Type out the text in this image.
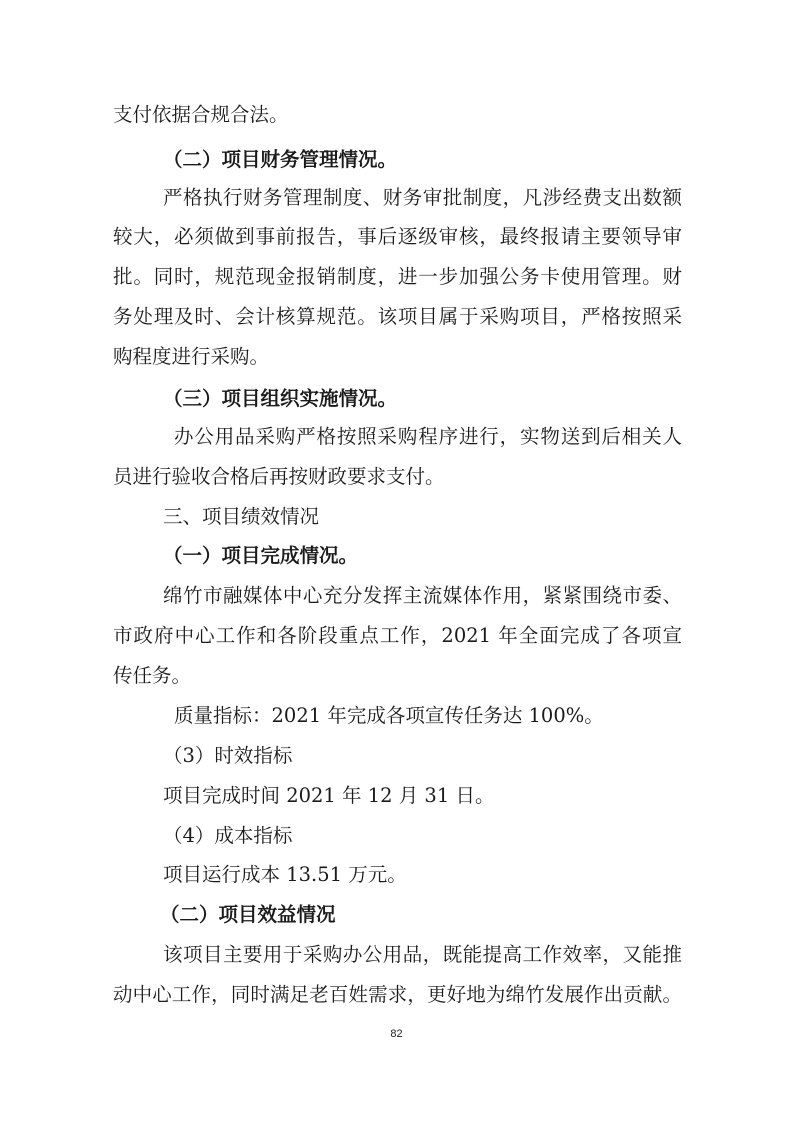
支付依据合规合法。
（二）项目财务管理情况。
严格执行财务管理制度、财务审批制度，凡涉经费支出数额
较大，必须做到事前报告，事后逐级审核，最终报请主要领导审
批。同时，规范现金报销制度，进一步加强公务卡使用管理。财
务处理及时、会计核算规范。该项目属于采购项目，严格按照采
购程度进行采购。
（三）项目组织实施情况。
办公用品采购严格按照采购程序进行，实物送到后相关人
员进行验收合格后再按财政要求支付。
三、项目绩效情况
（一）项目完成情况。
绵竹市融媒体中心充分发挥主流媒体作用，紧紧围绕市委、
市政府中心工作和各阶段重点工作，2021 年全面完成了各项宣
传任务。
质量指标：2021 年完成各项宣传任务达 100%。
（3）时效指标
项目完成时间 2021 年 12 月 31 日。
（4）成本指标
项目运行成本 13.51 万元。
（二）项目效益情况
该项目主要用于采购办公用品，既能提高工作效率，又能推
动中心工作，同时满足老百姓需求，更好地为绵竹发展作出贡献。
82
